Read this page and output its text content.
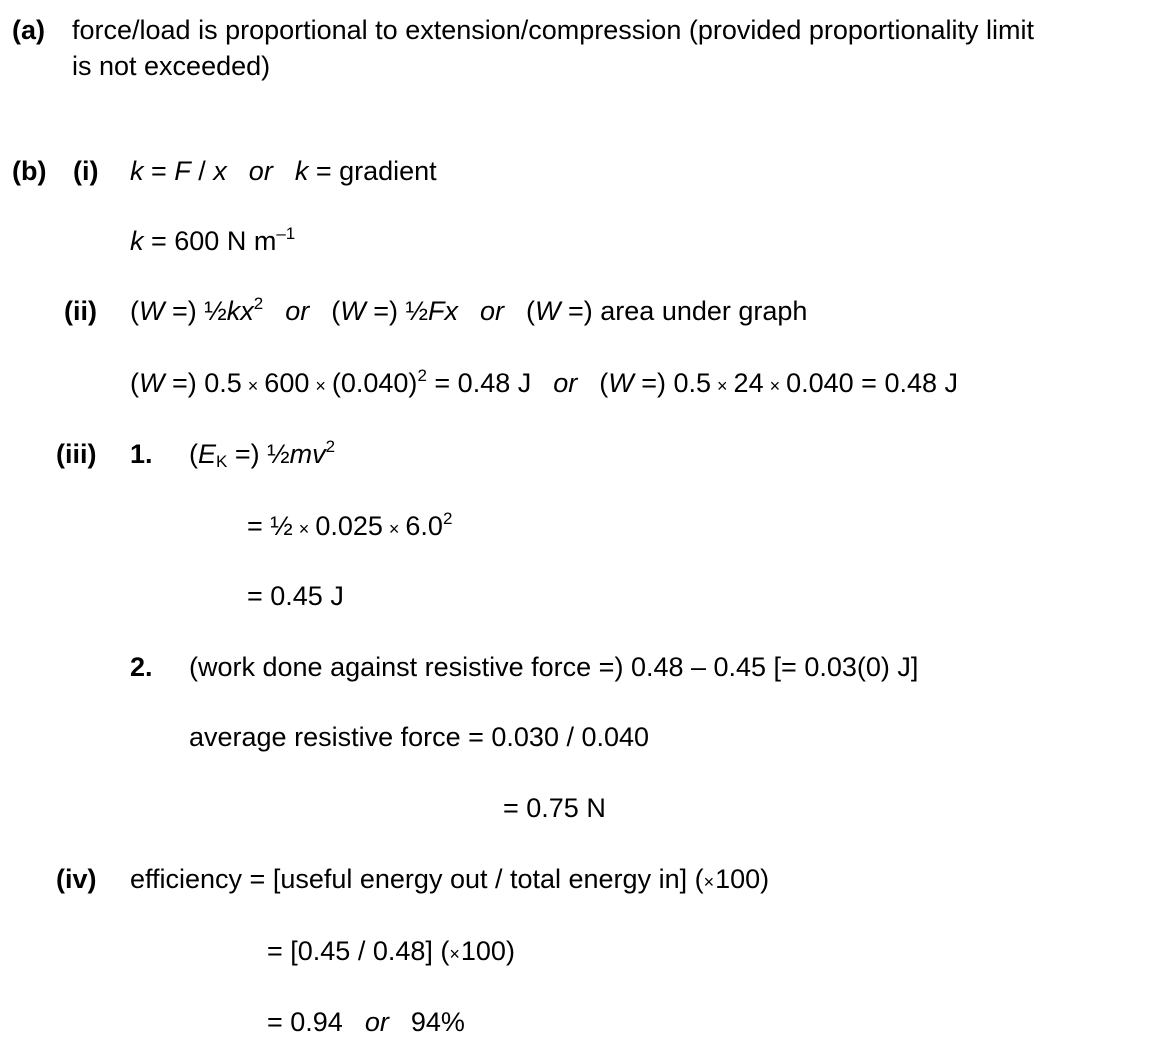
(a) force/load is proportional to extension/compression (provided proportionality limit
is not exceeded)
(b) (i) k = F / x or k = gradient
k = 600 N $m^{-1}$
(ii) (W =) $\frac{1}{2}kx^2$ or (W =) ½Fx or (W =) area under graph
(W =) $0.5 \times 600 \times (0.040)^2 = 0.48$ J or (W =) 0.5 × 24 × 0.040 = 0.48 J
(iii) 1. ($E_K$ =) $\frac{1}{2}mv^2$
= ½ × $0.025 \times 6.0^2$
= 0.45 J
2. (work done against resistive force =) 0.48 – 0.45 [= 0.03(0) J]
average resistive force = 0.030 / 0.040
= 0.75 N
(iv) efficiency = [useful energy out / total energy in] (×100)
= [0.45 / 0.48] (×100)
= 0.94 or 94%
